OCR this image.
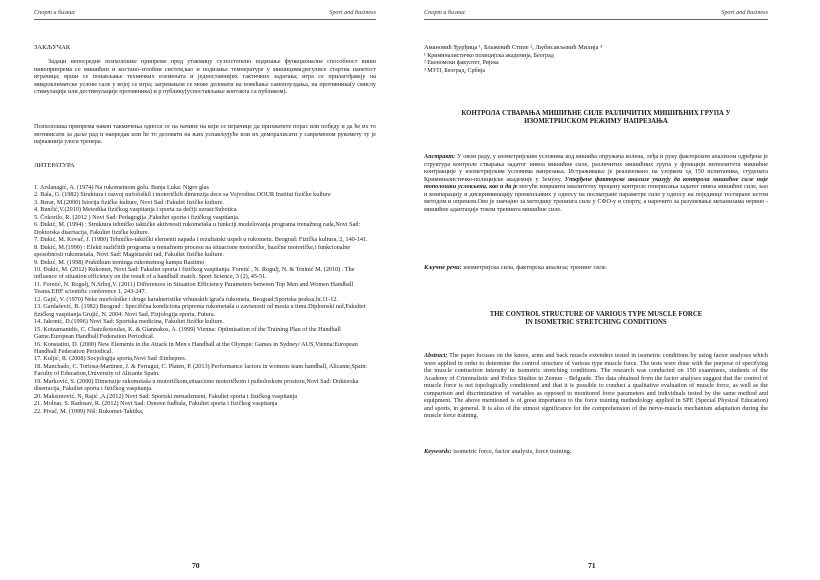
Спорт и бизнис	Sport and business
ЗАКЉУЧАК
Задаци непосредне психолошке припреме пред утакмицу су:постепено подизање функционалне способност виши нивоприпрема се мишићни и костано-зглобни систем,као и подизање температуре у мишицима;регулисе стартна напетост играчица; врши се понављање техничких елемената и једноставнијих тактичких задатака; игра се прилагођавају на микроклиматске услове сале у којој се игра; загревањем се може деловати на повећање самопоуздања, на противника(у смислу стимулације или дестимулације противника) и р публику(успостављање контакта са публиком).
Психолошка припрема након такмичења односи се на начине на који се играчице да прихватите пораз или победу и да ће их то мотивисати за даље рад и напредак или ће то деловати на њих успављујуће или их деморалисати у савременом рукомету ту је најважнија улога тренера.
ЛИТЕРАТУРА
1. Arslanagić, A. (1974) Na rukometnom golu. Banja Luka: Nigro glas
2. Bala, G. (1982) Struktura i razvoj mrfološkil i motoričkih dimenzija dece sa Vojvodine.OOUR Institut fizičke kulture
3. Berar, M.(2000) Istorija fizičke kulture, Novi Sad :Fakulet fizičke kulture.
4. Bunčić,V.(2010) Metodika fizičkog vaspitanja i sporta za dečiji uzrast:Subotica
5. Čokorilo, R. (2012 ) Novi Sad: Pedagogija ,Fakultet sporta i fizičkog vaspitanja.
6. Đukić, M. (1994) : Struktura tehničko taktičke aktivnosti rukometaša u funkciji modelovanja programa trenažnog rada,Novi Sad: Doktorska disertacija, Fakultet fizičke kulture.
7. Đukić, M. Kovač, J. (1980) Tehničko-taktički elementi napada i rezultatski uspeh u rukometu. Beograd: Fizička kultura, 2, 140-141.
8. Đukić, M.(1990) : Efekti različitih programa u trenažnom procesu na situacione motoričke, bazične motoričke,i funkcionalne sposobnosti rukometaša, Novi Sad: Magistarski rad, Fakultet fizičke kulture.
9. Đukić, M. (1998) Praktikum treninga rukometnog kampa Rastimo
10. Đukić, M. (2012) Rukomet, Novi Sad: Fakultet sporta i fizičkog vaspitanja. Foretić , N. Rogulj, N. & Trninić M. (2010) . The influence of situation efficiency on the result of a handball match. Sport Science, 3 (2), 45-51.
11. Foretić, N. Rogulj, N.Srhoj,V. (2011) Differences in Situation Efficiency Parameters between Top Men and Women Handball Teams.EHF scientific conference 1, 243-247.
12. Gajić, V. (1970) Neke morfološke i druge karakteristike vrhunskih igrača rukometa, Beograd:Sportska praksa,br.11-12.
13. Gardašević, B. (1982) Beograd : Specifična kondiciona priprema rukometaša u zavisnosti od mesta u timu.Diplomski rad,Fakultet fizičkog vaspitanja.Grujić, N. 2004: Novi Sad, Fizjologija sporta, Futura.
14. Jakonić, D.(1996) Novi Sad: Sportska medicina, Fakultet fizičke kulture.
15. Kotzamanidis, C. Chatzikotoulas, K. & Giannakos, A. (1999) Vienna: Optimisation of the Training Plan of the Handball Game.European Handball Federation Periodical.
16. Konstatini, D. (2000) New Elements in the Attack in Men s Handball at the Olympic Games in Sydney/ AUS,Vienna:European Handball Federation Periodical.
17. Kuljić, R. (2008) Socjologija sporta,Novi Sad :Embepres.
18. Manchado, C. Tortosa-Martinez, J. & Ferragut, C. Platen, P. (2013) Performance factors in womens team handball, Alicante,Spain: Faculty of Education,University of Alicante Spain.
19. Marković, S. (2000) Dimenzije rukometaša u motoričkom,situaciono motoričkom i psiholoskom prostoru,Novi Sad: Doktorska disertacija, Fakultet sporta i fizičkog vaspitanja.
20. Maksimović, N, Rajić ,A.(2012) Novi Sad: Sportski menadzment, Fakultet sporta i fizičkog vaspitanja
21. Molnar, S. Radosav, R. (2012) Novi Sad: Osnove fudbala, Fakultet sporta i fizičkog vaspitanja
22. Pivač, M. (1999) Niš: Rukomet-Taktika,
70
Спорт и бизнис	Sport and business
Амановић Ђурђица ¹, Блажевић Стипе ², Љубисављевић Милија ³
¹ Криминалистичко полицијска академија, Београд
² Економски факултет, Ријека
³ МУП, Београд, Србија
КОНТРОЛА СТВАРАЊА МИШИЋНЕ СИЛЕ РАЗЛИЧИТИХ МИШИЋНИХ ГРУПА У
ИЗОМЕТРИЈСКОМ РЕЖИМУ НАПРЕЗАЊА
Апстракт: У овом раду, у изометријским условима код мишића опружача колена, леђа и руку факторском анализом одређена је структура контроле стварања задатог нивоа мишићне силе, различитих мишићних група у функцији интензитета мишићне контракције у изометријским условима напрезања. Истраживање је реализовано на узорком од 150 испитаника, студената Криминалистичко-полицијске академије у Земуну. Утврђене факторске анализе указују да контрола мишићне силе није тополошки условљена, као и да је могуће извршити квалитетну процену контроле генерисања задатог нивоа мишићне силе, као и компарацију и дискриминацију променљивих у односу на посматране параметре силе у односу на појединце тестиране истом методом и опремом.Ово је значајно за методику тренинга силе у СФО-у и спорту, а нарочито за разумевање механизама нервно - мишићне адаптације током тренинга мишићне силе.
Кључне речи: изометријска сила, факторска анализа; тренинг силе.
THE CONTROL STRUCTURE OF VARIOUS TYPE MUSCLE FORCE
IN ISOMETRIC STRETCHING CONDITIONS
Abstract: The paper focuses on the knees, arms and back muscle extenders tested in isometric conditions by using factor analyses which were applied in order to determine the control structure of various type muscle force. The tests were done with the purpose of specifying the muscle contraction intensity in isometric stretching conditions. The research was conducted on 150 examinees, students of the Academy of Criminalistic and Police Studies in Zemun – Belgrade. The data obtained from the factor analyses suggest that the control of muscle force is not topologically conditioned and that it is possible to conduct a qualitative evaluation of muscle force, as well as the comparison and discrimination of variables as opposed to monitored force parameters and individuals tested by the same method and equipment. The above mentioned is of great importance to the force training methodology applied in SPE (Special Physical Education) and sports, in general. It is also of the utmost significance for the comprehension of the nerve-muscle mechanism adaptation during the muscle force training.
Keywords: isometric force, factor analysis, force training.
71
